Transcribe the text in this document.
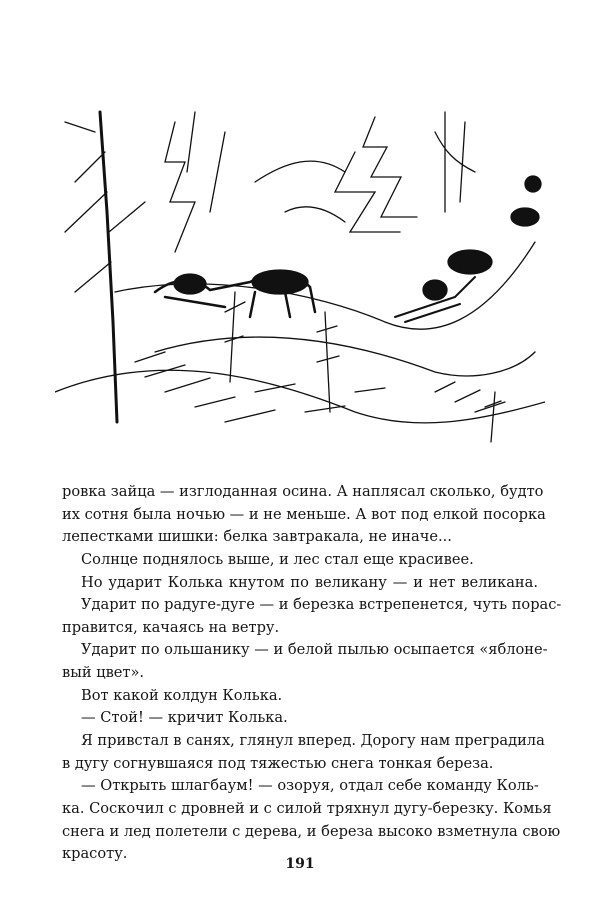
ровка зайца — изглоданная осина. А наплясал сколько, будто
их сотня была ночью — и не меньше. А вот под елкой посорка
лепестками шишки: белка завтракала, не иначе...
Солнце поднялось выше, и лес стал еще красивее.
Но ударит Колька кнутом по великану — и нет великана.
Ударит по радуге-дуге — и березка встрепенется, чуть порас-
правится, качаясь на ветру.
Ударит по ольшанику — и белой пылью осыпается «яблоне-
вый цвет».
Вот какой колдун Колька.
— Стой! — кричит Колька.
Я привстал в санях, глянул вперед. Дорогу нам преградила
в дугу согнувшаяся под тяжестью снега тонкая береза.
— Открыть шлагбаум! — озоруя, отдал себе команду Коль-
ка. Соскочил с дровней и с силой тряхнул дугу-березку. Комья
снега и лед полетели с дерева, и береза высоко взметнула свою
красоту.
191
